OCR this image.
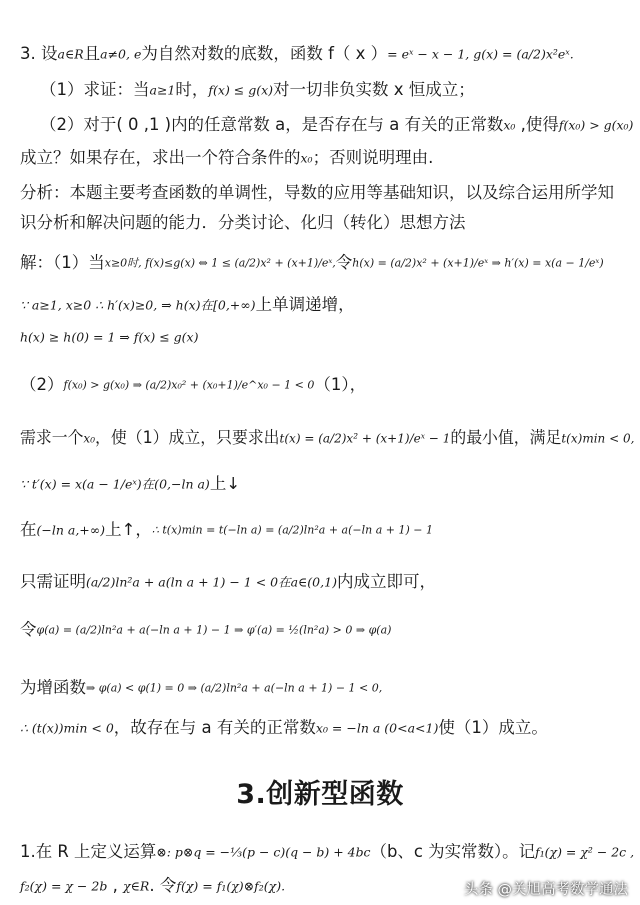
3. 设a∈R且a≠0, e为自然对数的底数，函数 f（ x ）= eˣ − x − 1, g(x) = (a/2)x²eˣ.
（1）求证：当a≥1时，f(x) ≤ g(x)对一切非负实数 x 恒成立；
（2）对于( 0 ,1 )内的任意常数 a，是否存在与 a 有关的正常数x₀ ,使得f(x₀) > g(x₀)
成立？如果存在，求出一个符合条件的x₀；否则说明理由.
分析：本题主要考查函数的单调性，导数的应用等基础知识，以及综合运用所学知
识分析和解决问题的能力．分类讨论、化归（转化）思想方法
解：（1）当x≥0时, f(x)≤g(x) ⇔ 1 ≤ (a/2)x² + (x+1)/eˣ,令h(x) = (a/2)x² + (x+1)/eˣ ⇒ h′(x) = x(a − 1/eˣ)
∵ a≥1, x≥0 ∴ h′(x)≥0, ⇒ h(x)在[0,+∞)上单调递增，
h(x) ≥ h(0) = 1 ⇒ f(x) ≤ g(x)
（2）f(x₀) > g(x₀) ⇒ (a/2)x₀² + (x₀+1)/e^x₀ − 1 < 0（1），
需求一个x₀，使（1）成立，只要求出t(x) = (a/2)x² + (x+1)/eˣ − 1的最小值，满足t(x)min < 0,
∵ t′(x) = x(a − 1/eˣ)在(0,−ln a)上↓
在(−ln a,+∞)上↑，∴ t(x)min = t(−ln a) = (a/2)ln²a + a(−ln a + 1) − 1
只需证明(a/2)ln²a + a(ln a + 1) − 1 < 0在a∈(0,1)内成立即可，
令φ(a) = (a/2)ln²a + a(−ln a + 1) − 1 ⇒ φ′(a) = ½(ln²a) > 0 ⇒ φ(a)
为增函数⇒ φ(a) < φ(1) = 0 ⇒ (a/2)ln²a + a(−ln a + 1) − 1 < 0,
∴ (t(x))min < 0，故存在与 a 有关的正常数x₀ = −ln a (0<a<1)使（1）成立。
1.在 R 上定义运算⊗: p⊗q = −⅓(p − c)(q − b) + 4bc（b、c 为实常数）。记f₁(χ) = χ² − 2c ,
f₂(χ) = χ − 2b , χ∈R. 令f(χ) = f₁(χ)⊗f₂(χ).
3.创新型函数
头条 @关旭高考数学通法
